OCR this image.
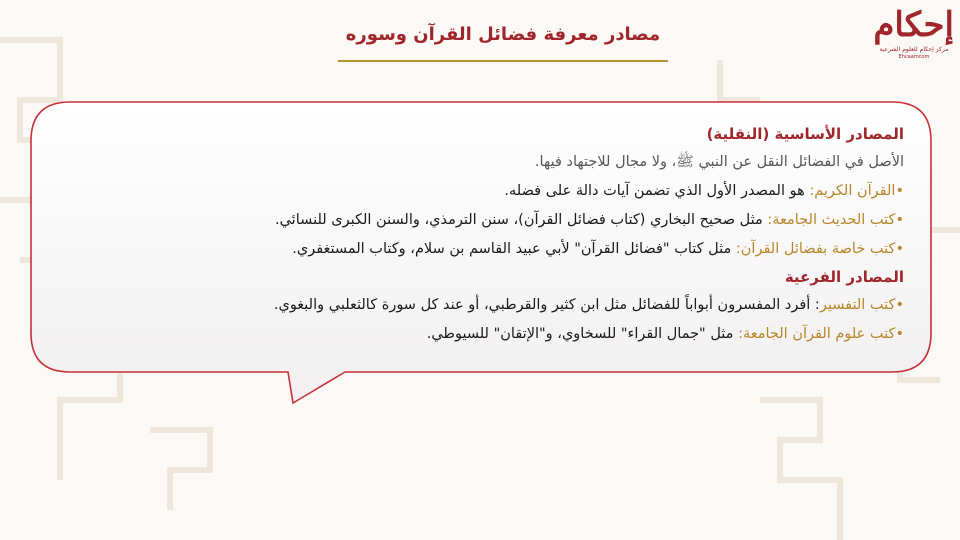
مصادر معرفة فضائل القرآن وسوره	إحكام
مركز إحكام للعلوم الشرعية
Ehcaamcom
المصادر الأساسية (النقلية)
الأصل في الفضائل النقل عن النبي ﷺ، ولا مجال للاجتهاد فيها.
•القرآن الكريم: هو المصدر الأول الذي تضمن آيات دالة على فضله.
•كتب الحديث الجامعة: مثل صحيح البخاري (كتاب فضائل القرآن)، سنن الترمذي، والسنن الكبرى للنسائي.
•كتب خاصة بفضائل القرآن: مثل كتاب "فضائل القرآن" لأبي عبيد القاسم بن سلام، وكتاب المستغفري.
المصادر الفرعية
•كتب التفسير: أفرد المفسرون أبواباً للفضائل مثل ابن كثير والقرطبي، أو عند كل سورة كالثعلبي والبغوي.
•كتب علوم القرآن الجامعة: مثل "جمال القراء" للسخاوي، و"الإتقان" للسيوطي.
